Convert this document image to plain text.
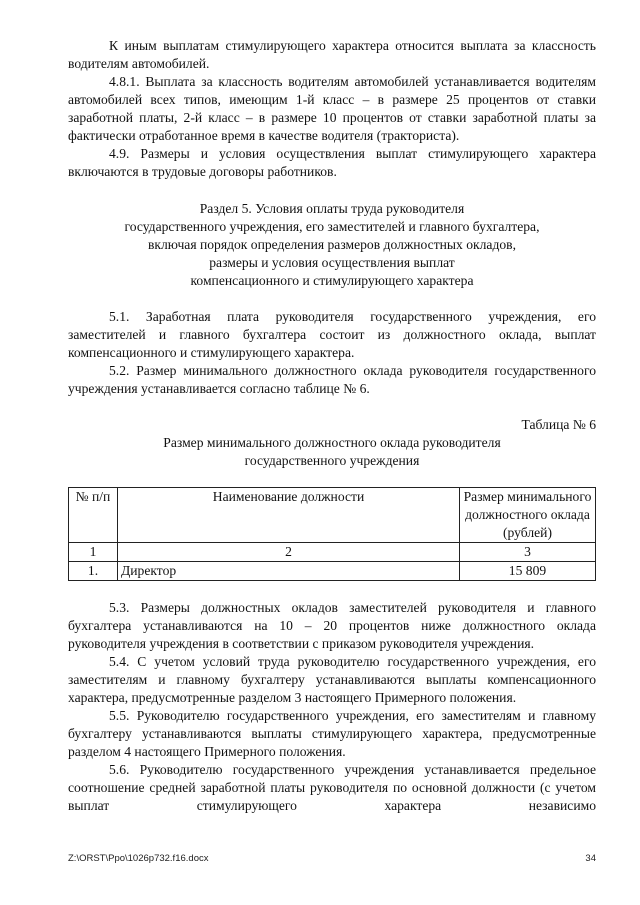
К иным выплатам стимулирующего характера относится выплата за классность водителям автомобилей.

4.8.1. Выплата за классность водителям автомобилей устанавливается водителям автомобилей всех типов, имеющим 1-й класс – в размере 25 процентов от ставки заработной платы, 2-й класс – в размере 10 процентов от ставки заработной платы за фактически отработанное время в качестве водителя (тракториста).

4.9. Размеры и условия осуществления выплат стимулирующего характера включаются в трудовые договоры работников.

Раздел 5. Условия оплаты труда руководителя

государственного учреждения, его заместителей и главного бухгалтера,

включая порядок определения размеров должностных окладов,

размеры и условия осуществления выплат

компенсационного и стимулирующего характера

5.1. Заработная плата руководителя государственного учреждения, его заместителей и главного бухгалтера состоит из должностного оклада, выплат компенсационного и стимулирующего характера.

5.2. Размер минимального должностного оклада руководителя государственного учреждения устанавливается согласно таблице № 6.

Таблица № 6

Размер минимального должностного оклада руководителя

государственного учреждения

№ п/п	Наименование должности	Размер минимального должностного оклада (рублей)
1	2	3
1.	Директор	15 809

5.3. Размеры должностных окладов заместителей руководителя и главного бухгалтера устанавливаются на 10 – 20 процентов ниже должностного оклада руководителя учреждения в соответствии с приказом руководителя учреждения.

5.4. С учетом условий труда руководителю государственного учреждения, его заместителям и главному бухгалтеру устанавливаются выплаты компенсационного характера, предусмотренные разделом 3 настоящего Примерного положения.

5.5. Руководителю государственного учреждения, его заместителям и главному бухгалтеру устанавливаются выплаты стимулирующего характера, предусмотренные разделом 4 настоящего Примерного положения.

5.6. Руководителю государственного учреждения устанавливается предельное соотношение средней заработной платы руководителя по основной должности (с учетом выплат стимулирующего характера независимо

Z:\ORST\Ppo\1026p732.f16.docx	34
